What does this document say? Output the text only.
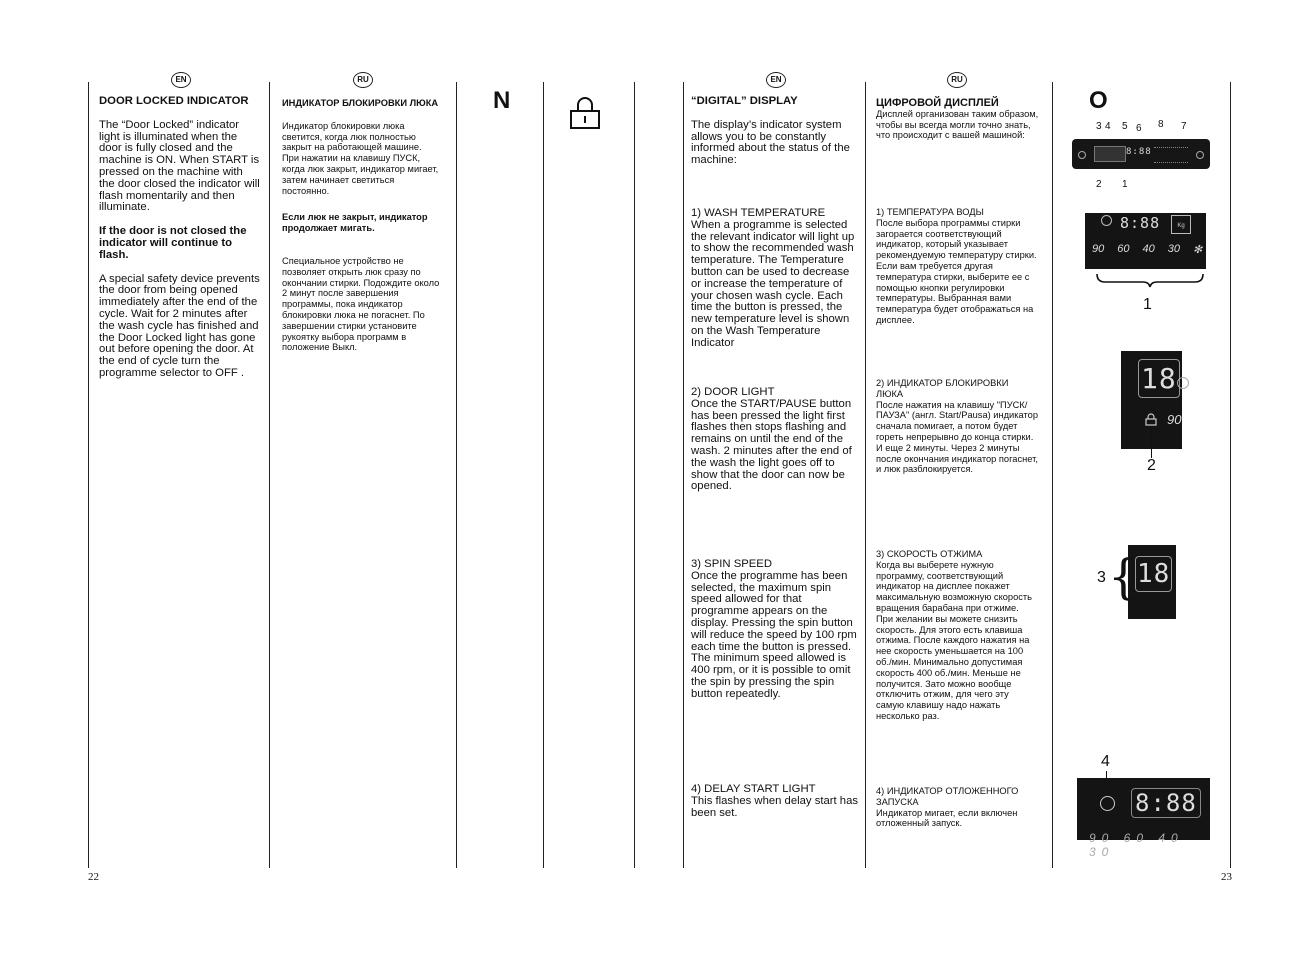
EN	RU	EN	RU

DOOR LOCKED INDICATOR

The “Door Locked” indicator light is illuminated when the door is fully closed and the machine is ON. When START is pressed on the machine with the door closed the indicator will flash momentarily and then illuminate.

If the door is not closed the indicator will continue to flash.

A special safety device prevents the door from being opened immediately after the end of the cycle. Wait for 2 minutes after the wash cycle has finished and the Door Locked light has gone out before opening the door. At the end of cycle turn the programme selector to OFF .

ИНДИКАТОР БЛОКИРОВКИ ЛЮКА

Индикатор блокировки люка светится, когда люк полностью закрыт на работающей машине. При нажатии на клавишу ПУСК, когда люк закрыт, индикатор мигает, затем начинает светиться постоянно.

Если люк не закрыт, индикатор продолжает мигать.

Специальное устройство не позволяет открыть люк сразу по окончании стирки. Подождите около 2 минут после завершения программы, пока индикатор блокировки люка не погаснет. По завершении стирки установите рукоятку выбора программ в положение Выкл.

N	“DIGITAL” DISPLAY

The display’s indicator system allows you to be constantly informed about the status of the machine:

1) WASH TEMPERATURE

When a programme is selected the relevant indicator will light up to show the recommended wash temperature. The Temperature button can be used to decrease or increase the temperature of your chosen wash cycle. Each time the button is pressed, the new temperature level is shown on the Wash Temperature Indicator

2) DOOR LIGHT

Once the START/PAUSE button has been pressed the light first flashes then stops flashing and remains on until the end of the wash. 2 minutes after the end of the wash the light goes off to show that the door can now be opened.

3) SPIN SPEED

Once the programme has been selected, the maximum spin speed allowed for that programme appears on the display. Pressing the spin button will reduce the speed by 100 rpm each time the button is pressed. The minimum speed allowed is 400 rpm, or it is possible to omit the spin by pressing the spin button repeatedly.

4) DELAY START LIGHT

This flashes when delay start has been set.

ЦИФРОВОЙ ДИСПЛЕЙ

Дисплей организован таким образом, чтобы вы всегда могли точно знать, что происходит с вашей машиной:

1) ТЕМПЕРАТУРА ВОДЫ

После выбора программы стирки загорается соответствующий индикатор, который указывает рекомендуемую температуру стирки. Если вам требуется другая температура стирки, выберите ее с помощью кнопки регулировки температуры. Выбранная вами температура будет отображаться на дисплее.

2) ИНДИКАТОР БЛОКИРОВКИ ЛЮКА

После нажатия на клавишу "ПУСК/ПАУЗА" (англ. Start/Pausa) индикатор сначала помигает, а потом будет гореть непрерывно до конца стирки. И еще 2 минуты. Через 2 минуты после окончания индикатор погаснет, и люк разблокируется.

3) СКОРОСТЬ ОТЖИМА

Когда вы выберете нужную программу, соответствующий индикатор на дисплее покажет максимальную возможную скорость вращения барабана при отжиме. При желании вы можете снизить скорость. Для этого есть клавиша отжима. После каждого нажатия на нее скорость уменьшается на 100 об./мин. Минимально допустимая скорость 400 об./мин. Меньше не получится. Зато можно вообще отключить отжим, для чего эту самую клавишу надо нажать несколько раз.

4) ИНДИКАТОР ОТЛОЖЕННОГО ЗАПУСКА

Индикатор мигает, если включен отложенный запуск.

O
3 4 5 6 8 7
8:88
2 1
8:88	Kg
90 60 40 30 ✻
1
18
90
2
18
3 {
4
8:88
90 60 40 30
22	23
